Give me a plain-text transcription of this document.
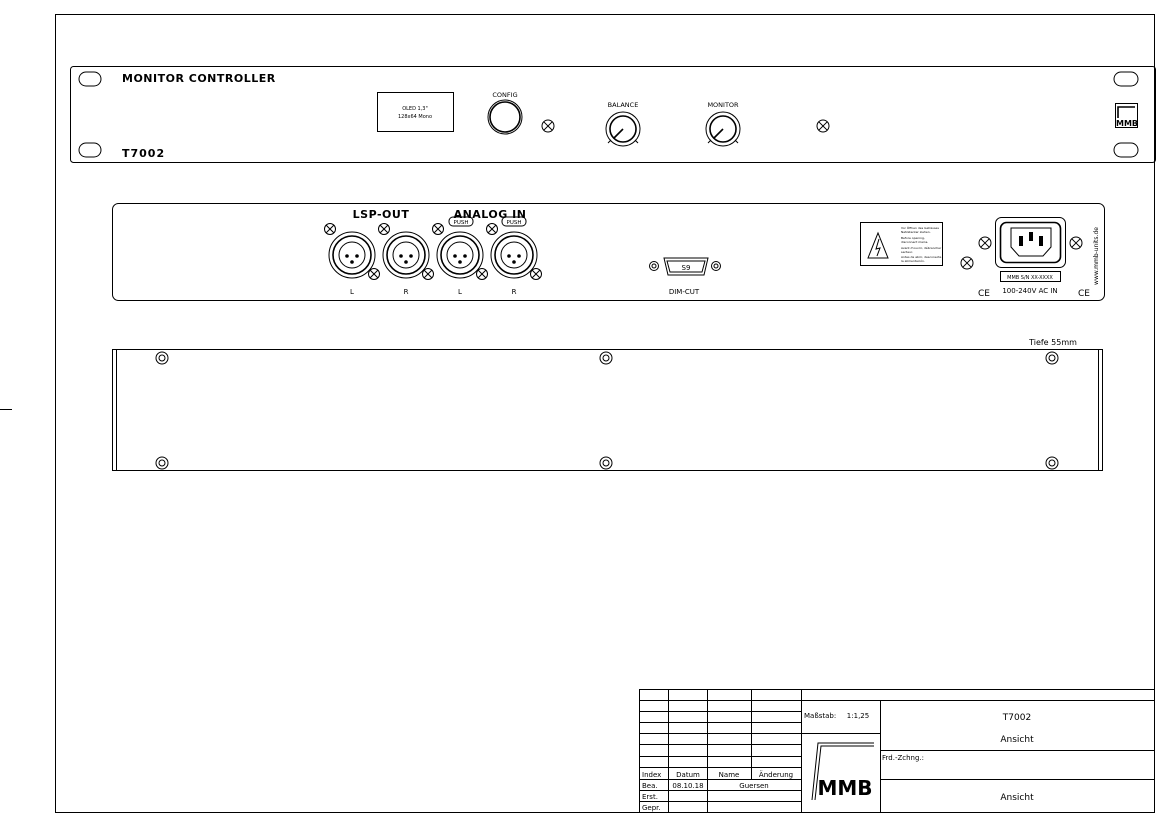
MONITOR CONTROLLER
T7002
OLED 1,3"
128x64 Mono
CONFIG
BALANCE	MONITOR
MMB
LSP-OUT	ANALOG IN
PUSH	PUSH
L	R	L	R
S9
DIM-CUT
Vor Öffnen des Gehäuses
Netzstecker ziehen.
Before opening,
disconnect mains.
Avant d'ouvrir, débrancher
secteur.
Antes de abrir, desconecte
la alimentación.
MMB S/N XX-XXXX
100-240V AC IN
CE	CE
www.mmb-units.de
Tiefe 55mm
Index Datum	Name	Änderung
Bea. 08.10.18	Guersen
Erst.
Gepr.
Maßstab: 1:1,25	T7002
Ansicht
Frd.-Zchng.:
Ansicht
MMB
